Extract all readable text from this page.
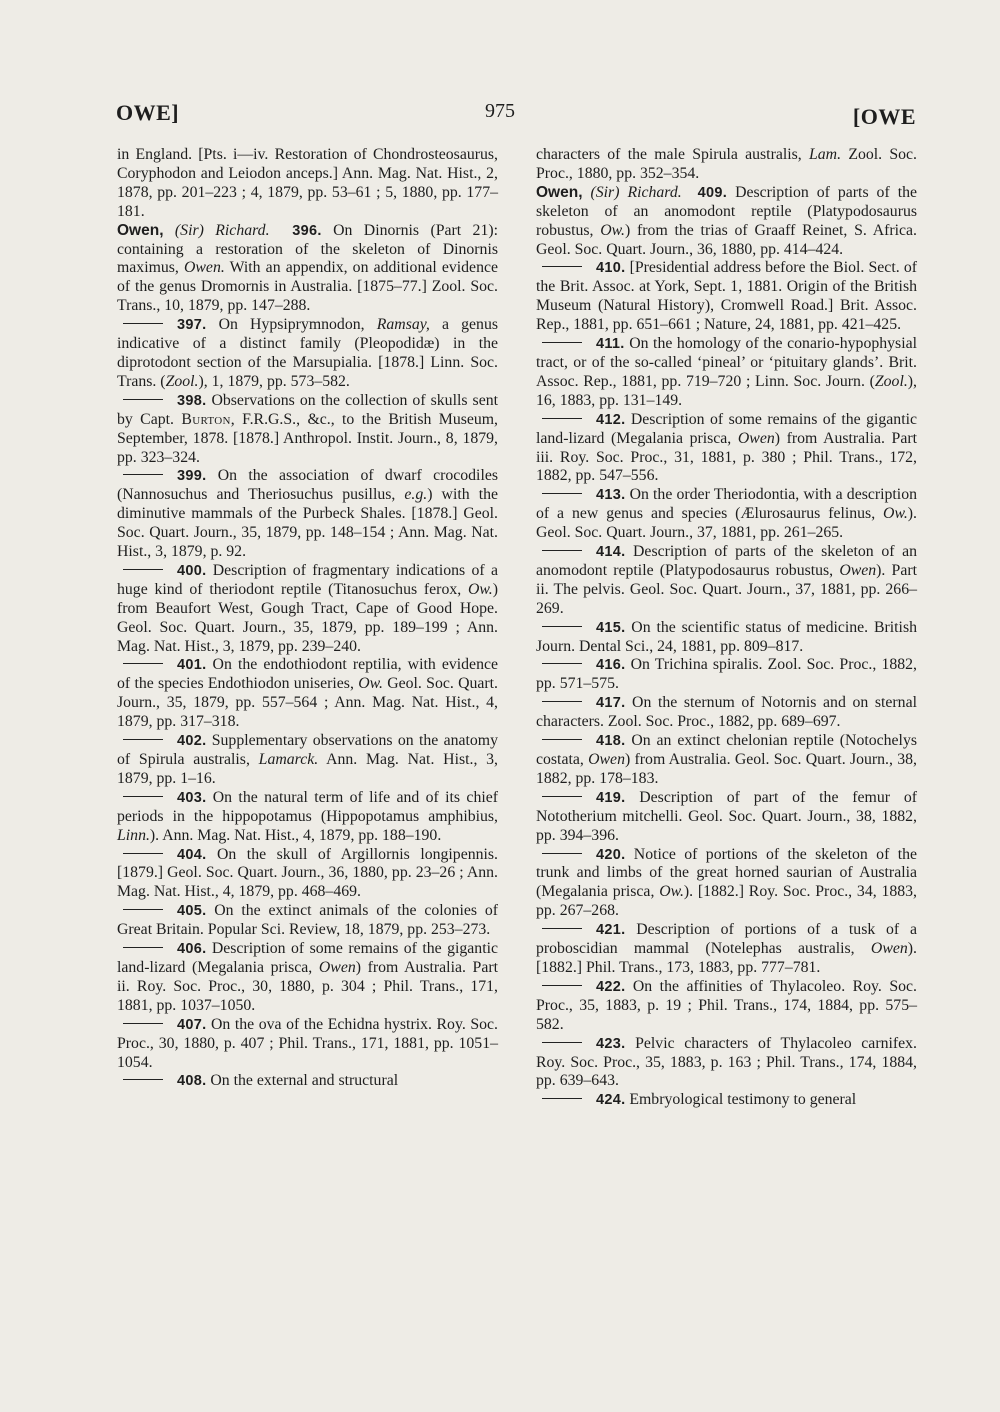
OWE]	975	[OWE

in England. [Pts. i—iv. Restoration of Chondrosteosaurus, Coryphodon and Leiodon anceps.] Ann. Mag. Nat. Hist., 2, 1878, pp. 201–223 ; 4, 1879, pp. 53–61 ; 5, 1880, pp. 177–181.

Owen, (Sir) Richard. 396. On Dinornis (Part 21): containing a restoration of the skeleton of Dinornis maximus, Owen. With an appendix, on additional evidence of the genus Dromornis in Australia. [1875–77.] Zool. Soc. Trans., 10, 1879, pp. 147–288.

397. On Hypsiprymnodon, Ramsay, a genus indicative of a distinct family (Pleopodidæ) in the diprotodont section of the Marsupialia. [1878.] Linn. Soc. Trans. (Zool.), 1, 1879, pp. 573–582.

398. Observations on the collection of skulls sent by Capt. Burton, F.R.G.S., &c., to the British Museum, September, 1878. [1878.] Anthropol. Instit. Journ., 8, 1879, pp. 323–324.

399. On the association of dwarf crocodiles (Nannosuchus and Theriosuchus pusillus, e.g.) with the diminutive mammals of the Purbeck Shales. [1878.] Geol. Soc. Quart. Journ., 35, 1879, pp. 148–154 ; Ann. Mag. Nat. Hist., 3, 1879, p. 92.

400. Description of fragmentary indications of a huge kind of theriodont reptile (Titanosuchus ferox, Ow.) from Beaufort West, Gough Tract, Cape of Good Hope. Geol. Soc. Quart. Journ., 35, 1879, pp. 189–199 ; Ann. Mag. Nat. Hist., 3, 1879, pp. 239–240.

401. On the endothiodont reptilia, with evidence of the species Endothiodon uniseries, Ow. Geol. Soc. Quart. Journ., 35, 1879, pp. 557–564 ; Ann. Mag. Nat. Hist., 4, 1879, pp. 317–318.

402. Supplementary observations on the anatomy of Spirula australis, Lamarck. Ann. Mag. Nat. Hist., 3, 1879, pp. 1–16.

403. On the natural term of life and of its chief periods in the hippopotamus (Hippopotamus amphibius, Linn.). Ann. Mag. Nat. Hist., 4, 1879, pp. 188–190.

404. On the skull of Argillornis longipennis. [1879.] Geol. Soc. Quart. Journ., 36, 1880, pp. 23–26 ; Ann. Mag. Nat. Hist., 4, 1879, pp. 468–469.

405. On the extinct animals of the colonies of Great Britain. Popular Sci. Review, 18, 1879, pp. 253–273.

406. Description of some remains of the gigantic land-lizard (Megalania prisca, Owen) from Australia. Part ii. Roy. Soc. Proc., 30, 1880, p. 304 ; Phil. Trans., 171, 1881, pp. 1037–1050.

407. On the ova of the Echidna hystrix. Roy. Soc. Proc., 30, 1880, p. 407 ; Phil. Trans., 171, 1881, pp. 1051–1054.

408. On the external and structural

characters of the male Spirula australis, Lam. Zool. Soc. Proc., 1880, pp. 352–354.

Owen, (Sir) Richard. 409. Description of parts of the skeleton of an anomodont reptile (Platypodosaurus robustus, Ow.) from the trias of Graaff Reinet, S. Africa. Geol. Soc. Quart. Journ., 36, 1880, pp. 414–424.

410. [Presidential address before the Biol. Sect. of the Brit. Assoc. at York, Sept. 1, 1881. Origin of the British Museum (Natural History), Cromwell Road.] Brit. Assoc. Rep., 1881, pp. 651–661 ; Nature, 24, 1881, pp. 421–425.

411. On the homology of the conario-hypophysial tract, or of the so-called ‘pineal’ or ‘pituitary glands’. Brit. Assoc. Rep., 1881, pp. 719–720 ; Linn. Soc. Journ. (Zool.), 16, 1883, pp. 131–149.

412. Description of some remains of the gigantic land-lizard (Megalania prisca, Owen) from Australia. Part iii. Roy. Soc. Proc., 31, 1881, p. 380 ; Phil. Trans., 172, 1882, pp. 547–556.

413. On the order Theriodontia, with a description of a new genus and species (Ælurosaurus felinus, Ow.). Geol. Soc. Quart. Journ., 37, 1881, pp. 261–265.

414. Description of parts of the skeleton of an anomodont reptile (Platypodosaurus robustus, Owen). Part ii. The pelvis. Geol. Soc. Quart. Journ., 37, 1881, pp. 266–269.

415. On the scientific status of medicine. British Journ. Dental Sci., 24, 1881, pp. 809–817.

416. On Trichina spiralis. Zool. Soc. Proc., 1882, pp. 571–575.

417. On the sternum of Notornis and on sternal characters. Zool. Soc. Proc., 1882, pp. 689–697.

418. On an extinct chelonian reptile (Notochelys costata, Owen) from Australia. Geol. Soc. Quart. Journ., 38, 1882, pp. 178–183.

419. Description of part of the femur of Nototherium mitchelli. Geol. Soc. Quart. Journ., 38, 1882, pp. 394–396.

420. Notice of portions of the skeleton of the trunk and limbs of the great horned saurian of Australia (Megalania prisca, Ow.). [1882.] Roy. Soc. Proc., 34, 1883, pp. 267–268.

421. Description of portions of a tusk of a proboscidian mammal (Notelephas australis, Owen). [1882.] Phil. Trans., 173, 1883, pp. 777–781.

422. On the affinities of Thylacoleo. Roy. Soc. Proc., 35, 1883, p. 19 ; Phil. Trans., 174, 1884, pp. 575–582.

423. Pelvic characters of Thylacoleo carnifex. Roy. Soc. Proc., 35, 1883, p. 163 ; Phil. Trans., 174, 1884, pp. 639–643.

424. Embryological testimony to general
